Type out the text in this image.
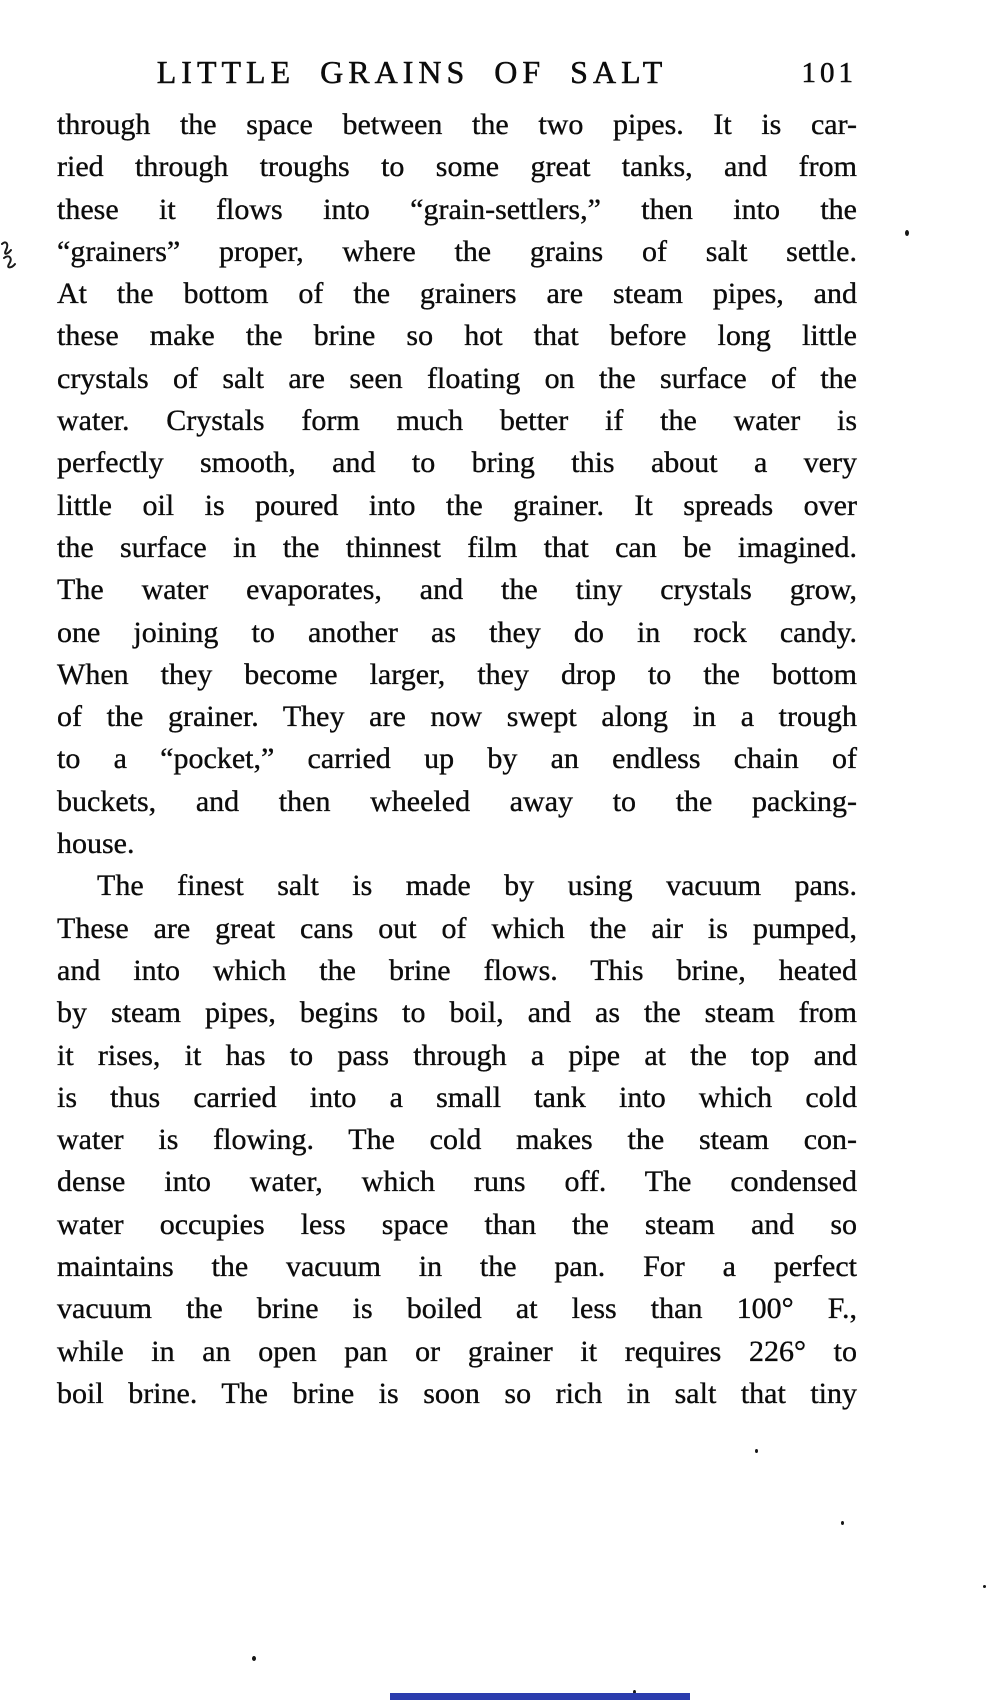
LITTLE GRAINS OF SALT	101
through the space between the two pipes. It is car-
ried through troughs to some great tanks, and from
these it flows into “grain-settlers,” then into the
“grainers” proper, where the grains of salt settle.
At the bottom of the grainers are steam pipes, and
these make the brine so hot that before long little
crystals of salt are seen floating on the surface of the
water. Crystals form much better if the water is
perfectly smooth, and to bring this about a very
little oil is poured into the grainer. It spreads over
the surface in the thinnest film that can be imagined.
The water evaporates, and the tiny crystals grow,
one joining to another as they do in rock candy.
When they become larger, they drop to the bottom
of the grainer. They are now swept along in a trough
to a “pocket,” carried up by an endless chain of
buckets, and then wheeled away to the packing-
house.
The finest salt is made by using vacuum pans.
These are great cans out of which the air is pumped,
and into which the brine flows. This brine, heated
by steam pipes, begins to boil, and as the steam from
it rises, it has to pass through a pipe at the top and
is thus carried into a small tank into which cold
water is flowing. The cold makes the steam con-
dense into water, which runs off. The condensed
water occupies less space than the steam and so
maintains the vacuum in the pan. For a perfect
vacuum the brine is boiled at less than 100° F.,
while in an open pan or grainer it requires 226° to
boil brine. The brine is soon so rich in salt that tiny
